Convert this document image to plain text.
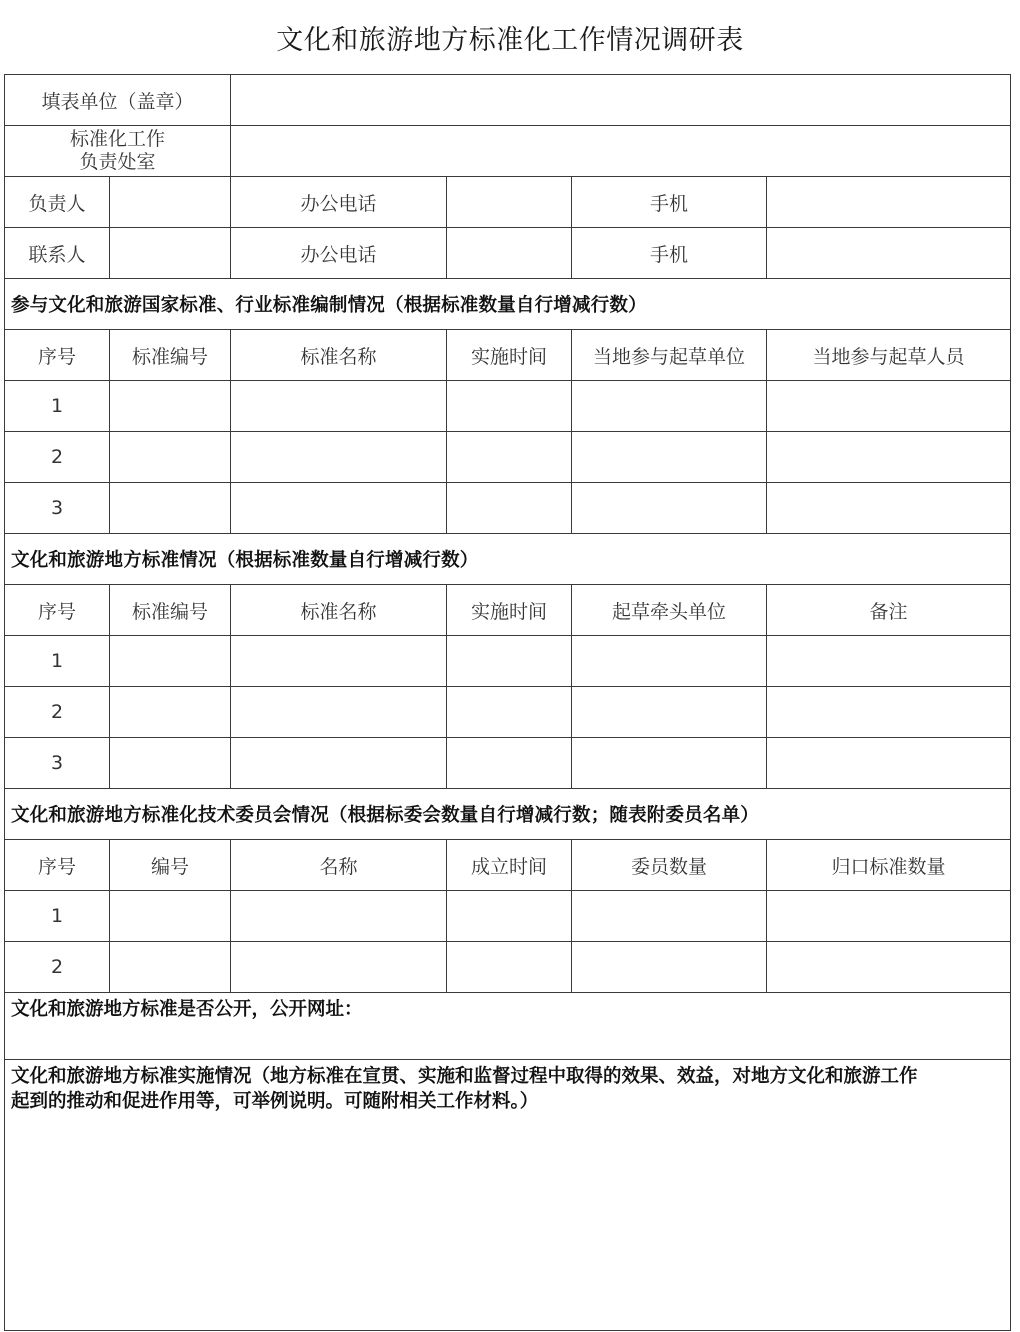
文化和旅游地方标准化工作情况调研表
填表单位（盖章）					

标准化工作
负责处室					

负责人		办公电话		手机	
联系人		办公电话		手机	
参与文化和旅游国家标准、行业标准编制情况（根据标准数量自行增减行数）					
序号	标准编号	标准名称	实施时间	当地参与起草单位	当地参与起草人员
1					
2					
3					
文化和旅游地方标准情况（根据标准数量自行增减行数）					
序号	标准编号	标准名称	实施时间	起草牵头单位	备注
1					
2					
3					
文化和旅游地方标准化技术委员会情况（根据标委会数量自行增减行数；随表附委员名单）					
序号	编号	名称	成立时间	委员数量	归口标准数量
1					
2					
文化和旅游地方标准是否公开，公开网址：					

文化和旅游地方标准实施情况（地方标准在宣贯、实施和监督过程中取得的效果、效益，对地方文化和旅游工作
起到的推动和促进作用等，可举例说明。可随附相关工作材料。）					
